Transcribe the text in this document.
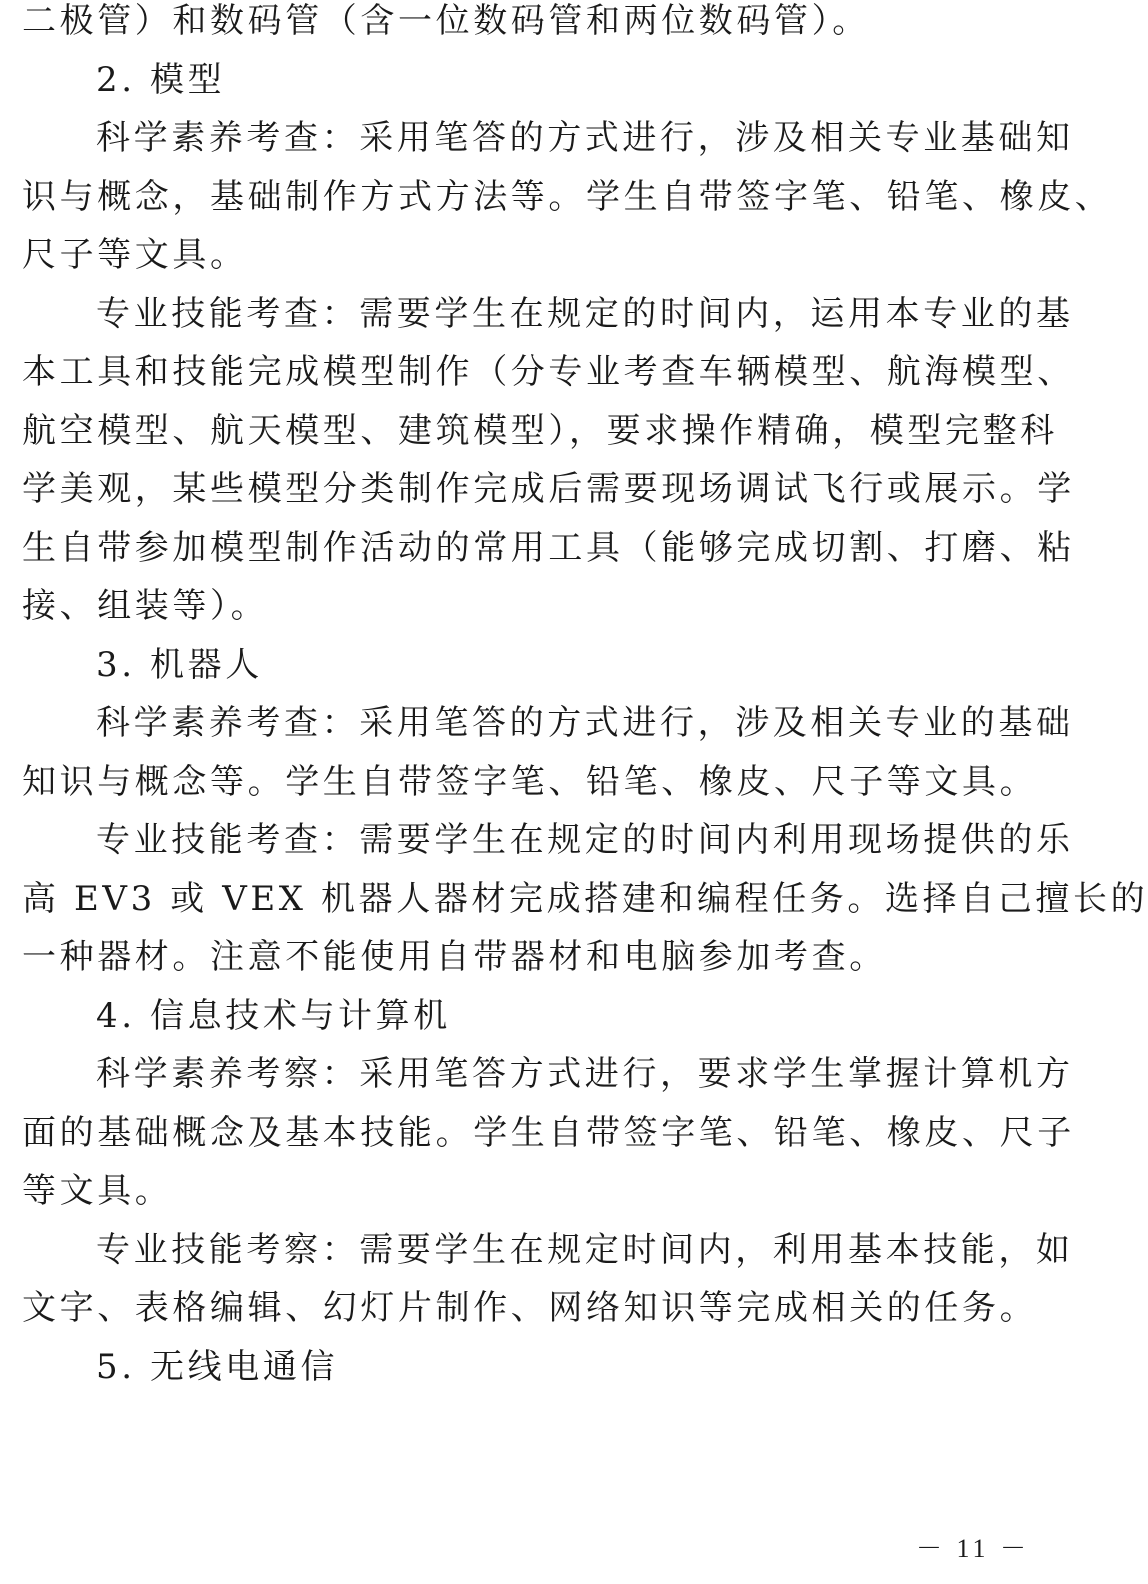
二极管）和数码管（含一位数码管和两位数码管）。
2. 模型
科学素养考查：采用笔答的方式进行，涉及相关专业基础知
识与概念，基础制作方式方法等。学生自带签字笔、铅笔、橡皮、
尺子等文具。
专业技能考查：需要学生在规定的时间内，运用本专业的基
本工具和技能完成模型制作（分专业考查车辆模型、航海模型、
航空模型、航天模型、建筑模型），要求操作精确，模型完整科
学美观，某些模型分类制作完成后需要现场调试飞行或展示。学
生自带参加模型制作活动的常用工具（能够完成切割、打磨、粘
接、组装等）。
3. 机器人
科学素养考查：采用笔答的方式进行，涉及相关专业的基础
知识与概念等。学生自带签字笔、铅笔、橡皮、尺子等文具。
专业技能考查：需要学生在规定的时间内利用现场提供的乐
高 EV3 或 VEX 机器人器材完成搭建和编程任务。选择自己擅长的
一种器材。注意不能使用自带器材和电脑参加考查。
4. 信息技术与计算机
科学素养考察：采用笔答方式进行，要求学生掌握计算机方
面的基础概念及基本技能。学生自带签字笔、铅笔、橡皮、尺子
等文具。
专业技能考察：需要学生在规定时间内，利用基本技能，如
文字、表格编辑、幻灯片制作、网络知识等完成相关的任务。
5. 无线电通信
－ 11 －
